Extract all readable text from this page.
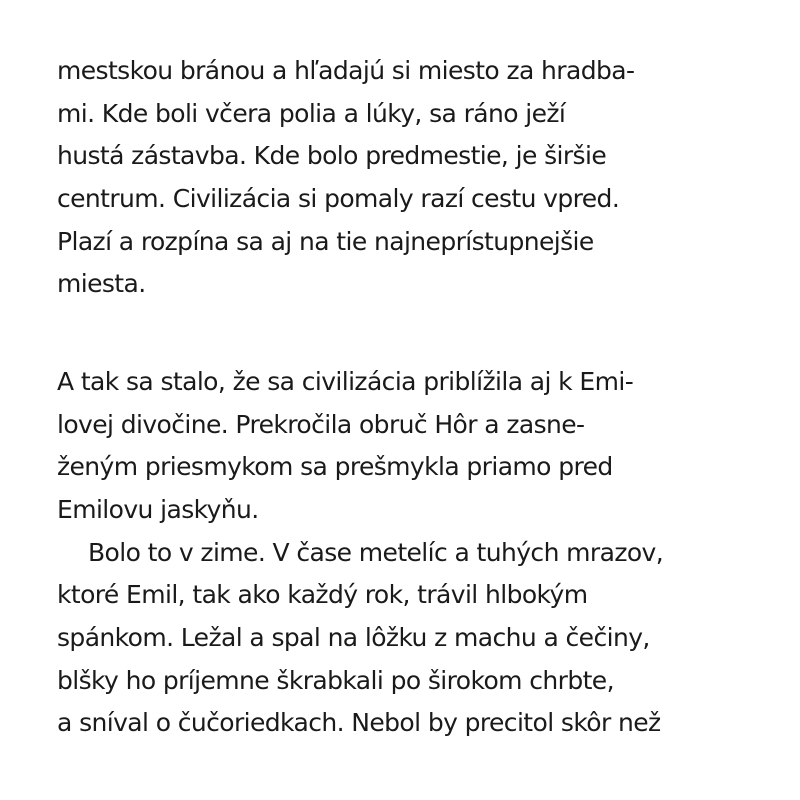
mestskou bránou a hľadajú si miesto za hradba-
mi. Kde boli včera polia a lúky, sa ráno ježí
hustá zástavba. Kde bolo predmestie, je širšie
centrum. Civilizácia si pomaly razí cestu vpred.
Plazí a rozpína sa aj na tie najneprístupnejšie
miesta.
A tak sa stalo, že sa civilizácia priblížila aj k Emi-
lovej divočine. Prekročila obruč Hôr a zasne-
ženým priesmykom sa prešmykla priamo pred
Emilovu jaskyňu.
Bolo to v zime. V čase metelíc a tuhých mrazov,
ktoré Emil, tak ako každý rok, trávil hlbokým
spánkom. Ležal a spal na lôžku z machu a čečiny,
blšky ho príjemne škrabkali po širokom chrbte,
a sníval o čučoriedkach. Nebol by precitol skôr než
